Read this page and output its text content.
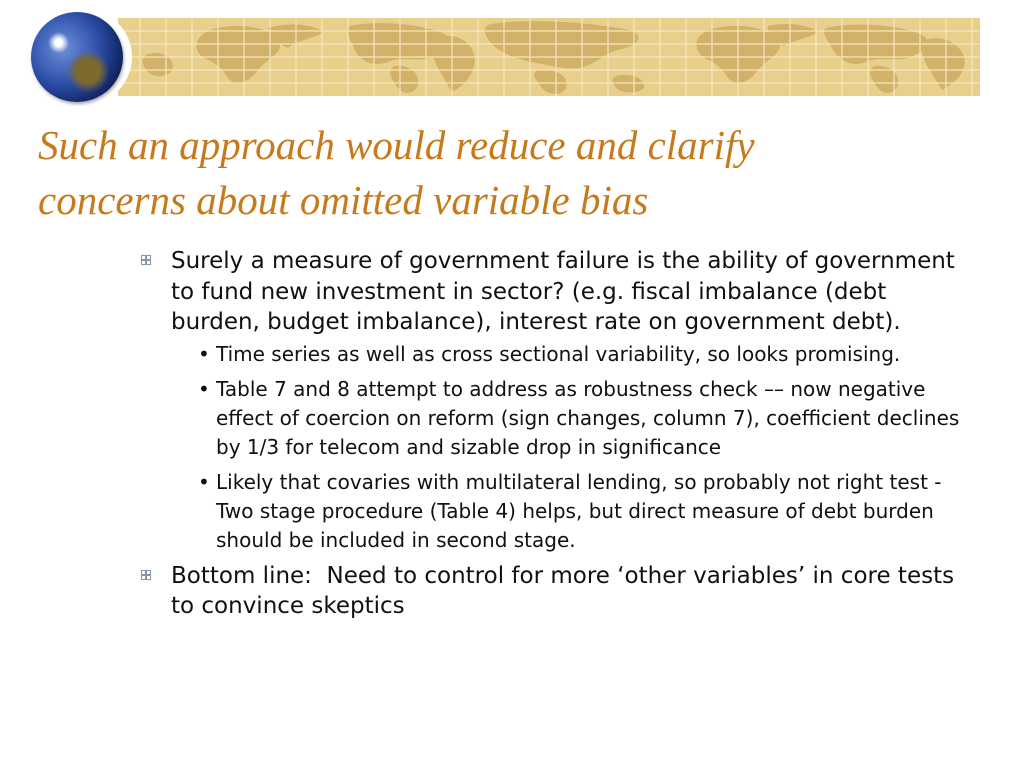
Such an approach would reduce and clarify
concerns about omitted variable bias
Surely a measure of government failure is the ability of government to fund new investment in sector? (e.g. fiscal imbalance (debt burden, budget imbalance), interest rate on government debt).
• Time series as well as cross sectional variability, so looks promising.
• Table 7 and 8 attempt to address as robustness check –– now negative effect of coercion on reform (sign changes, column 7), coefficient declines by 1/3 for telecom and sizable drop in significance
• Likely that covaries with multilateral lending, so probably not right test - Two stage procedure (Table 4) helps, but direct measure of debt burden should be included in second stage.
Bottom line:  Need to control for more ‘other variables’ in core tests to convince skeptics
